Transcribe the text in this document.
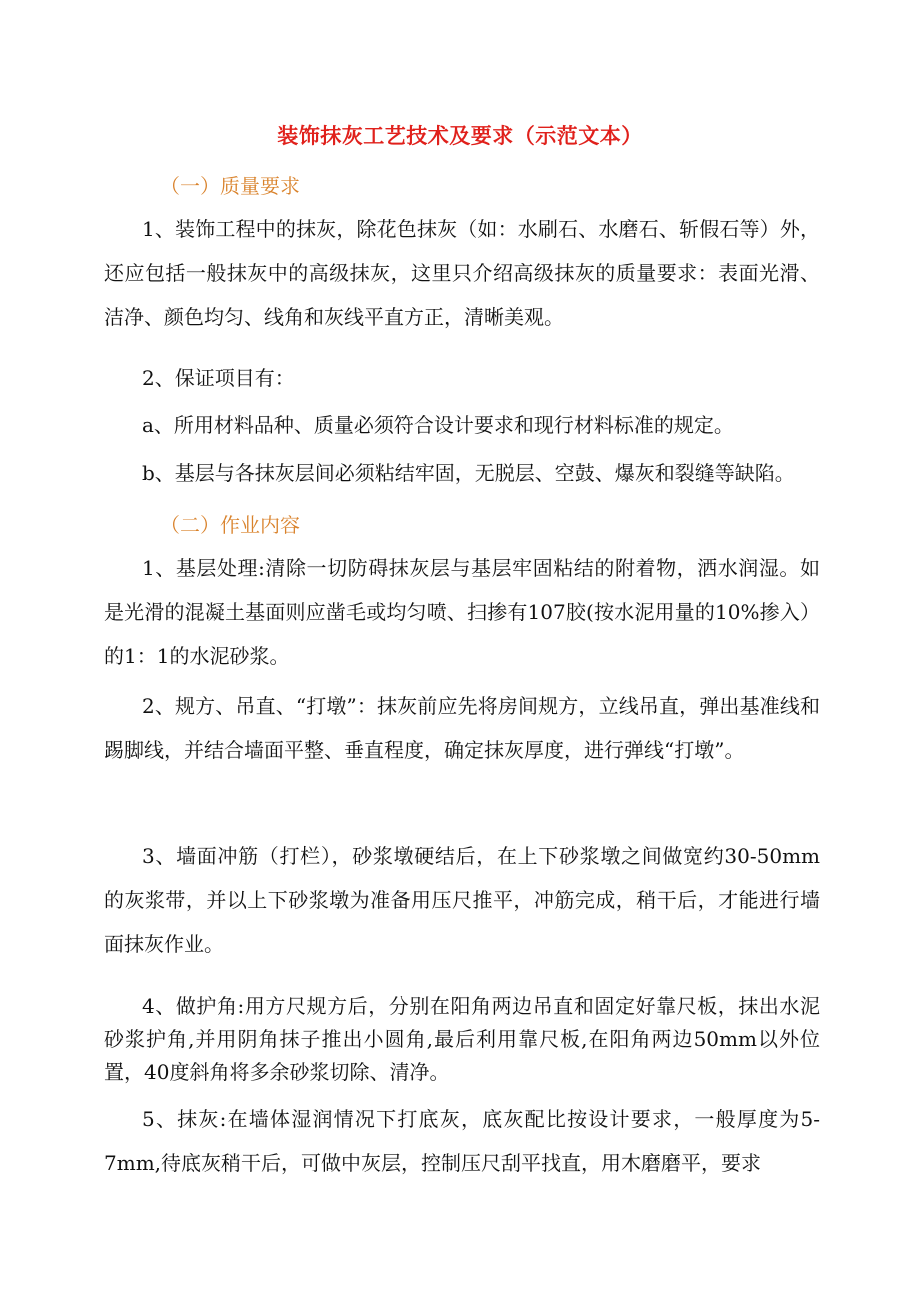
装饰抹灰工艺技术及要求（示范文本）
（一）质量要求
1、装饰工程中的抹灰，除花色抹灰（如：水刷石、水磨石、斩假石等）外，还应包括一般抹灰中的高级抹灰，这里只介绍高级抹灰的质量要求：表面光滑、洁净、颜色均匀、线角和灰线平直方正，清晰美观。
2、保证项目有：
a、所用材料品种、质量必须符合设计要求和现行材料标准的规定。
b、基层与各抹灰层间必须粘结牢固，无脱层、空鼓、爆灰和裂缝等缺陷。
（二）作业内容
1、基层处理:清除一切防碍抹灰层与基层牢固粘结的附着物，洒水润湿。如是光滑的混凝土基面则应凿毛或均匀喷、扫掺有107胶(按水泥用量的10%掺入）的1：1的水泥砂浆。
2、规方、吊直、“打墩”：抹灰前应先将房间规方，立线吊直，弹出基准线和踢脚线，并结合墙面平整、垂直程度，确定抹灰厚度，进行弹线“打墩”。
3、墙面冲筋（打栏），砂浆墩硬结后，在上下砂浆墩之间做宽约30-50mm的灰浆带，并以上下砂浆墩为准备用压尺推平，冲筋完成，稍干后，才能进行墙面抹灰作业。
4、做护角:用方尺规方后，分别在阳角两边吊直和固定好靠尺板，抹出水泥砂浆护角,并用阴角抹子推出小圆角,最后利用靠尺板,在阳角两边50mm以外位置，40度斜角将多余砂浆切除、清净。
5、抹灰:在墙体湿润情况下打底灰，底灰配比按设计要求，一般厚度为5-7mm,待底灰稍干后，可做中灰层，控制压尺刮平找直，用木磨磨平，要求
